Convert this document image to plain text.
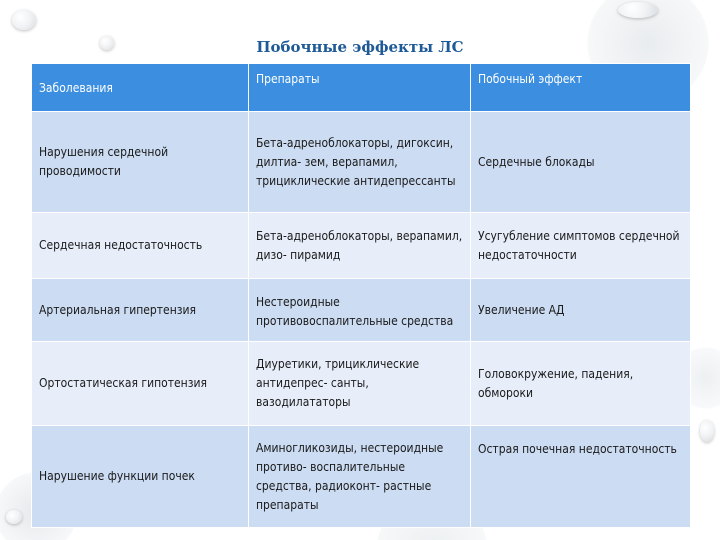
Побочные эффекты ЛС
Заболевания	Препараты	Побочный эффект
Нарушения сердечной проводимости	Бета-адреноблокаторы, дигоксин, дилтиа- зем, верапамил, трициклические антидепрессанты	Сердечные блокады
Сердечная недостаточность	Бета-адреноблокаторы, верапамил, дизо- пирамид	Усугубление симптомов сердечной недостаточности
Артериальная гипертензия	Нестероидные противовоспалительные средства	Увеличение АД
Ортостатическая гипотензия	Диуретики, трициклические антидепрес- санты, вазодилататоры	Головокружение, падения, обмороки
Нарушение функции почек	Аминогликозиды, нестероидные противо- воспалительные средства, радиоконт- растные препараты	Острая почечная недостаточность
